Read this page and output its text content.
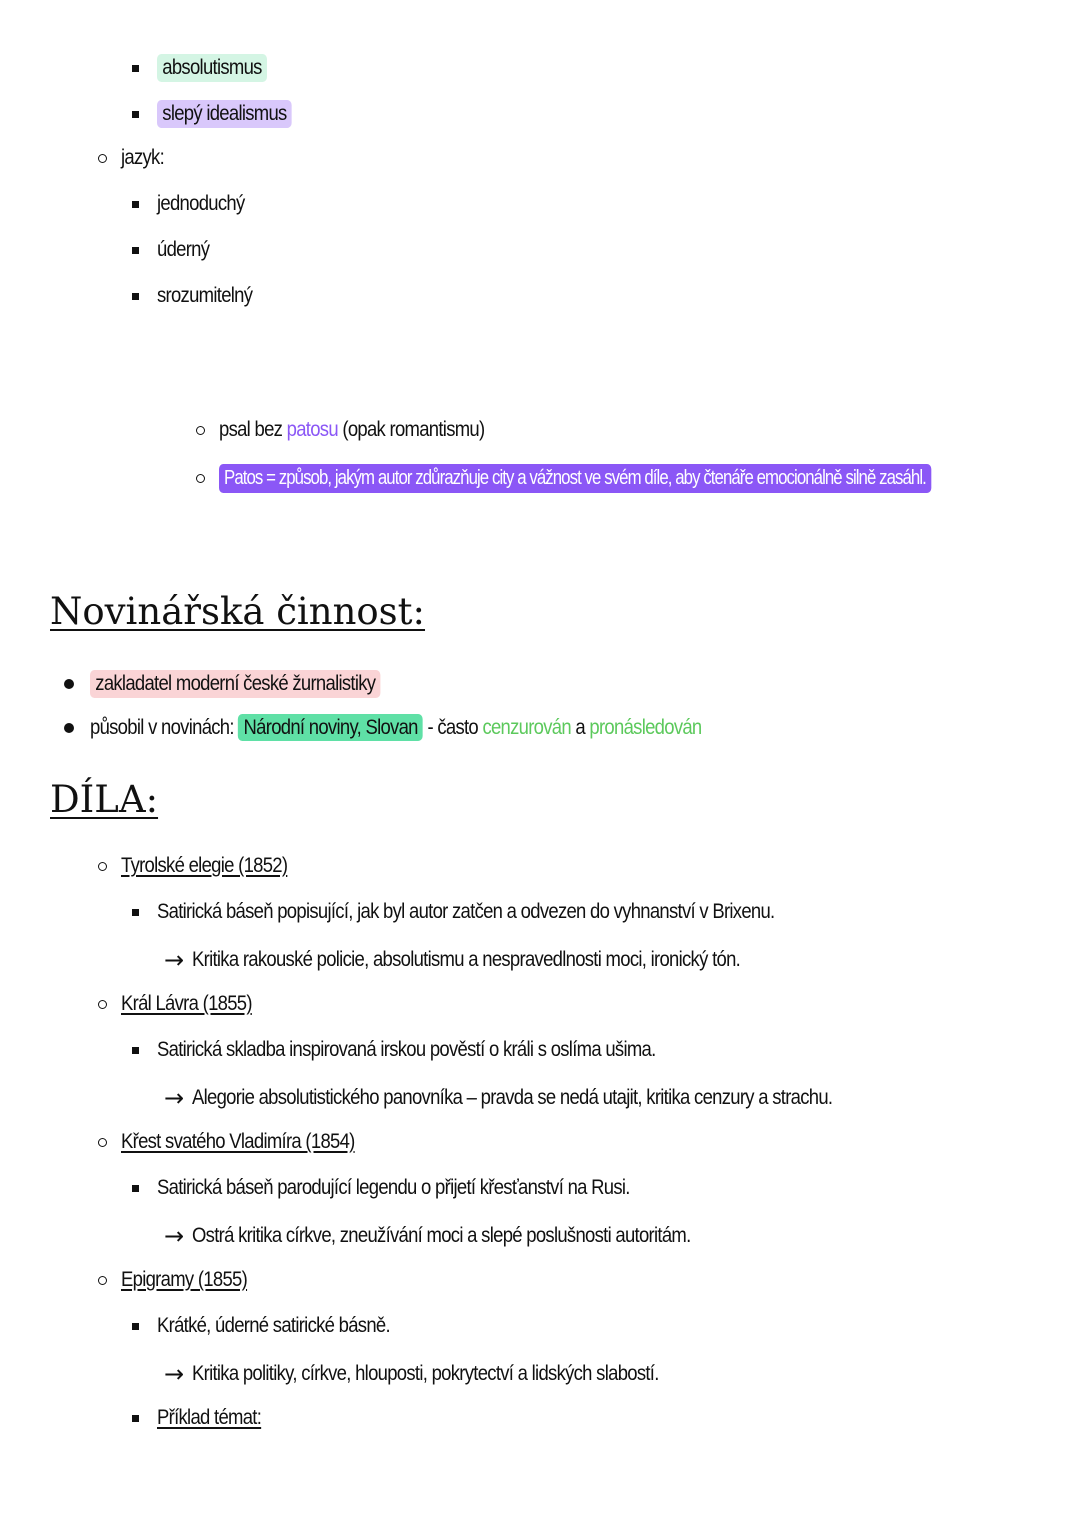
absolutismus
slepý idealismus
jazyk:
jednoduchý
úderný
srozumitelný
psal bez patosu (opak romantismu)
Patos = způsob, jakým autor zdůrazňuje city a vážnost ve svém díle, aby čtenáře emocionálně silně zasáhl.
Novinářská činnost:
zakladatel moderní české žurnalistiky
působil v novinách: Národní noviny, Slovan - často cenzurován a pronásledován
DÍLA:
Tyrolské elegie (1852)
Satirická báseň popisující, jak byl autor zatčen a odvezen do vyhnanství v Brixenu.
→ Kritika rakouské policie, absolutismu a nespravedlnosti moci, ironický tón.
Král Lávra (1855)
Satirická skladba inspirovaná irskou pověstí o králi s oslíma ušima.
→ Alegorie absolutistického panovníka – pravda se nedá utajit, kritika cenzury a strachu.
Křest svatého Vladimíra (1854)
Satirická báseň parodující legendu o přijetí křesťanství na Rusi.
→ Ostrá kritika církve, zneužívání moci a slepé poslušnosti autoritám.
Epigramy (1855)
Krátké, úderné satirické básně.
→ Kritika politiky, církve, hlouposti, pokrytectví a lidských slabostí.
Příklad témat:
